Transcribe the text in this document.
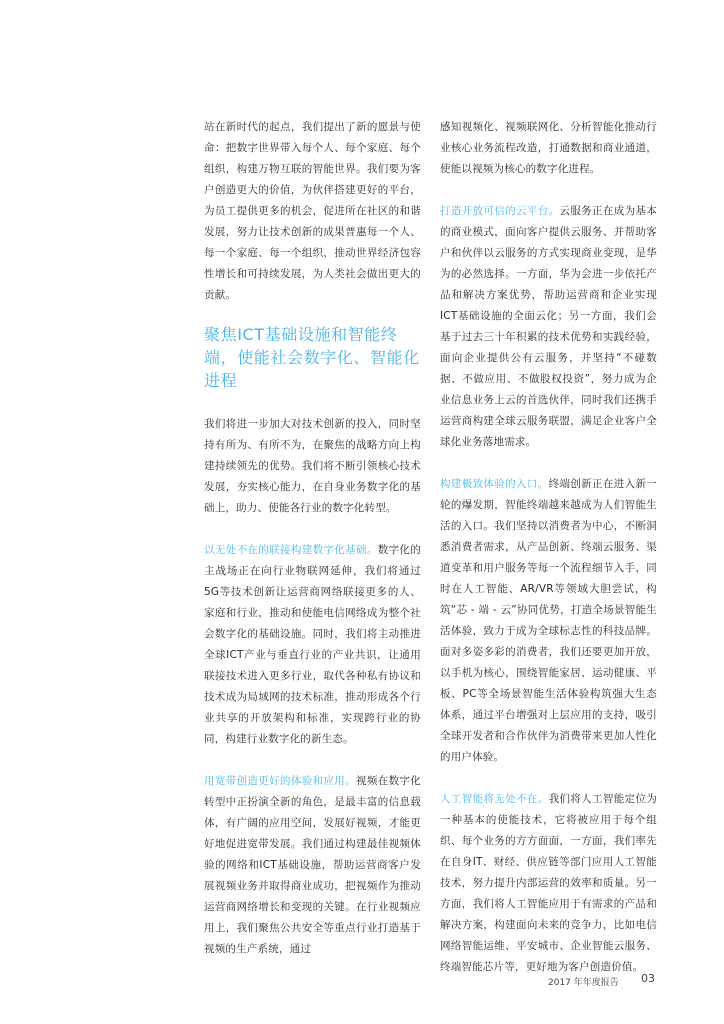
站在新时代的起点，我们提出了新的愿景与使命：把数字世界带入每个人、每个家庭、每个组织，构建万物互联的智能世界。我们要为客户创造更大的价值，为伙伴搭建更好的平台，为员工提供更多的机会，促进所在社区的和谐发展，努力让技术创新的成果普惠每一个人、每一个家庭、每一个组织，推动世界经济包容性增长和可持续发展，为人类社会做出更大的贡献。

聚焦ICT基础设施和智能终端，使能社会数字化、智能化进程

我们将进一步加大对技术创新的投入，同时坚持有所为、有所不为，在聚焦的战略方向上构建持续领先的优势。我们将不断引领核心技术发展，夯实核心能力，在自身业务数字化的基础上，助力、使能各行业的数字化转型。

以无处不在的联接构建数字化基础。数字化的主战场正在向行业物联网延伸，我们将通过5G等技术创新让运营商网络联接更多的人、家庭和行业，推动和使能电信网络成为整个社会数字化的基础设施。同时，我们将主动推进全球ICT产业与垂直行业的产业共识，让通用联接技术进入更多行业，取代各种私有协议和技术成为局域网的技术标准，推动形成各个行业共享的开放架构和标准，实现跨行业的协同，构建行业数字化的新生态。

用宽带创造更好的体验和应用。视频在数字化转型中正扮演全新的角色，是最丰富的信息载体，有广阔的应用空间，发展好视频，才能更好地促进宽带发展。我们通过构建最佳视频体验的网络和ICT基础设施，帮助运营商客户发展视频业务并取得商业成功，把视频作为推动运营商网络增长和变现的关键。在行业视频应用上，我们聚焦公共安全等重点行业打造基于视频的生产系统，通过

感知视频化、视频联网化、分析智能化推动行业核心业务流程改造，打通数据和商业通道，使能以视频为核心的数字化进程。

打造开放可信的云平台。云服务正在成为基本的商业模式，面向客户提供云服务、并帮助客户和伙伴以云服务的方式实现商业变现，是华为的必然选择。一方面，华为会进一步依托产品和解决方案优势，帮助运营商和企业实现ICT基础设施的全面云化；另一方面，我们会基于过去三十年积累的技术优势和实践经验，面向企业提供公有云服务，并坚持“不碰数据、不做应用、不做股权投资”，努力成为企业信息业务上云的首选伙伴，同时我们还携手运营商构建全球云服务联盟，满足企业客户全球化业务落地需求。

构建极致体验的入口。终端创新正在进入新一轮的爆发期，智能终端越来越成为人们智能生活的入口。我们坚持以消费者为中心，不断洞悉消费者需求，从产品创新、终端云服务、渠道变革和用户服务等每一个流程细节入手，同时在人工智能、AR/VR等领域大胆尝试，构筑“芯 - 端 - 云”协同优势，打造全场景智能生活体验，致力于成为全球标志性的科技品牌。面对多姿多彩的消费者，我们还要更加开放，以手机为核心，围绕智能家居、运动健康、平板、PC等全场景智能生活体验构筑强大生态体系，通过平台增强对上层应用的支持，吸引全球开发者和合作伙伴为消费带来更加人性化的用户体验。

人工智能将无处不在。我们将人工智能定位为一种基本的使能技术，它将被应用于每个组织、每个业务的方方面面，一方面，我们率先在自身IT、财经、供应链等部门应用人工智能技术，努力提升内部运营的效率和质量。另一方面，我们将人工智能应用于有需求的产品和解决方案，构建面向未来的竞争力，比如电信网络智能运维、平安城市、企业智能云服务、终端智能芯片等，更好地为客户创造价值。

2017 年年度报告 03
